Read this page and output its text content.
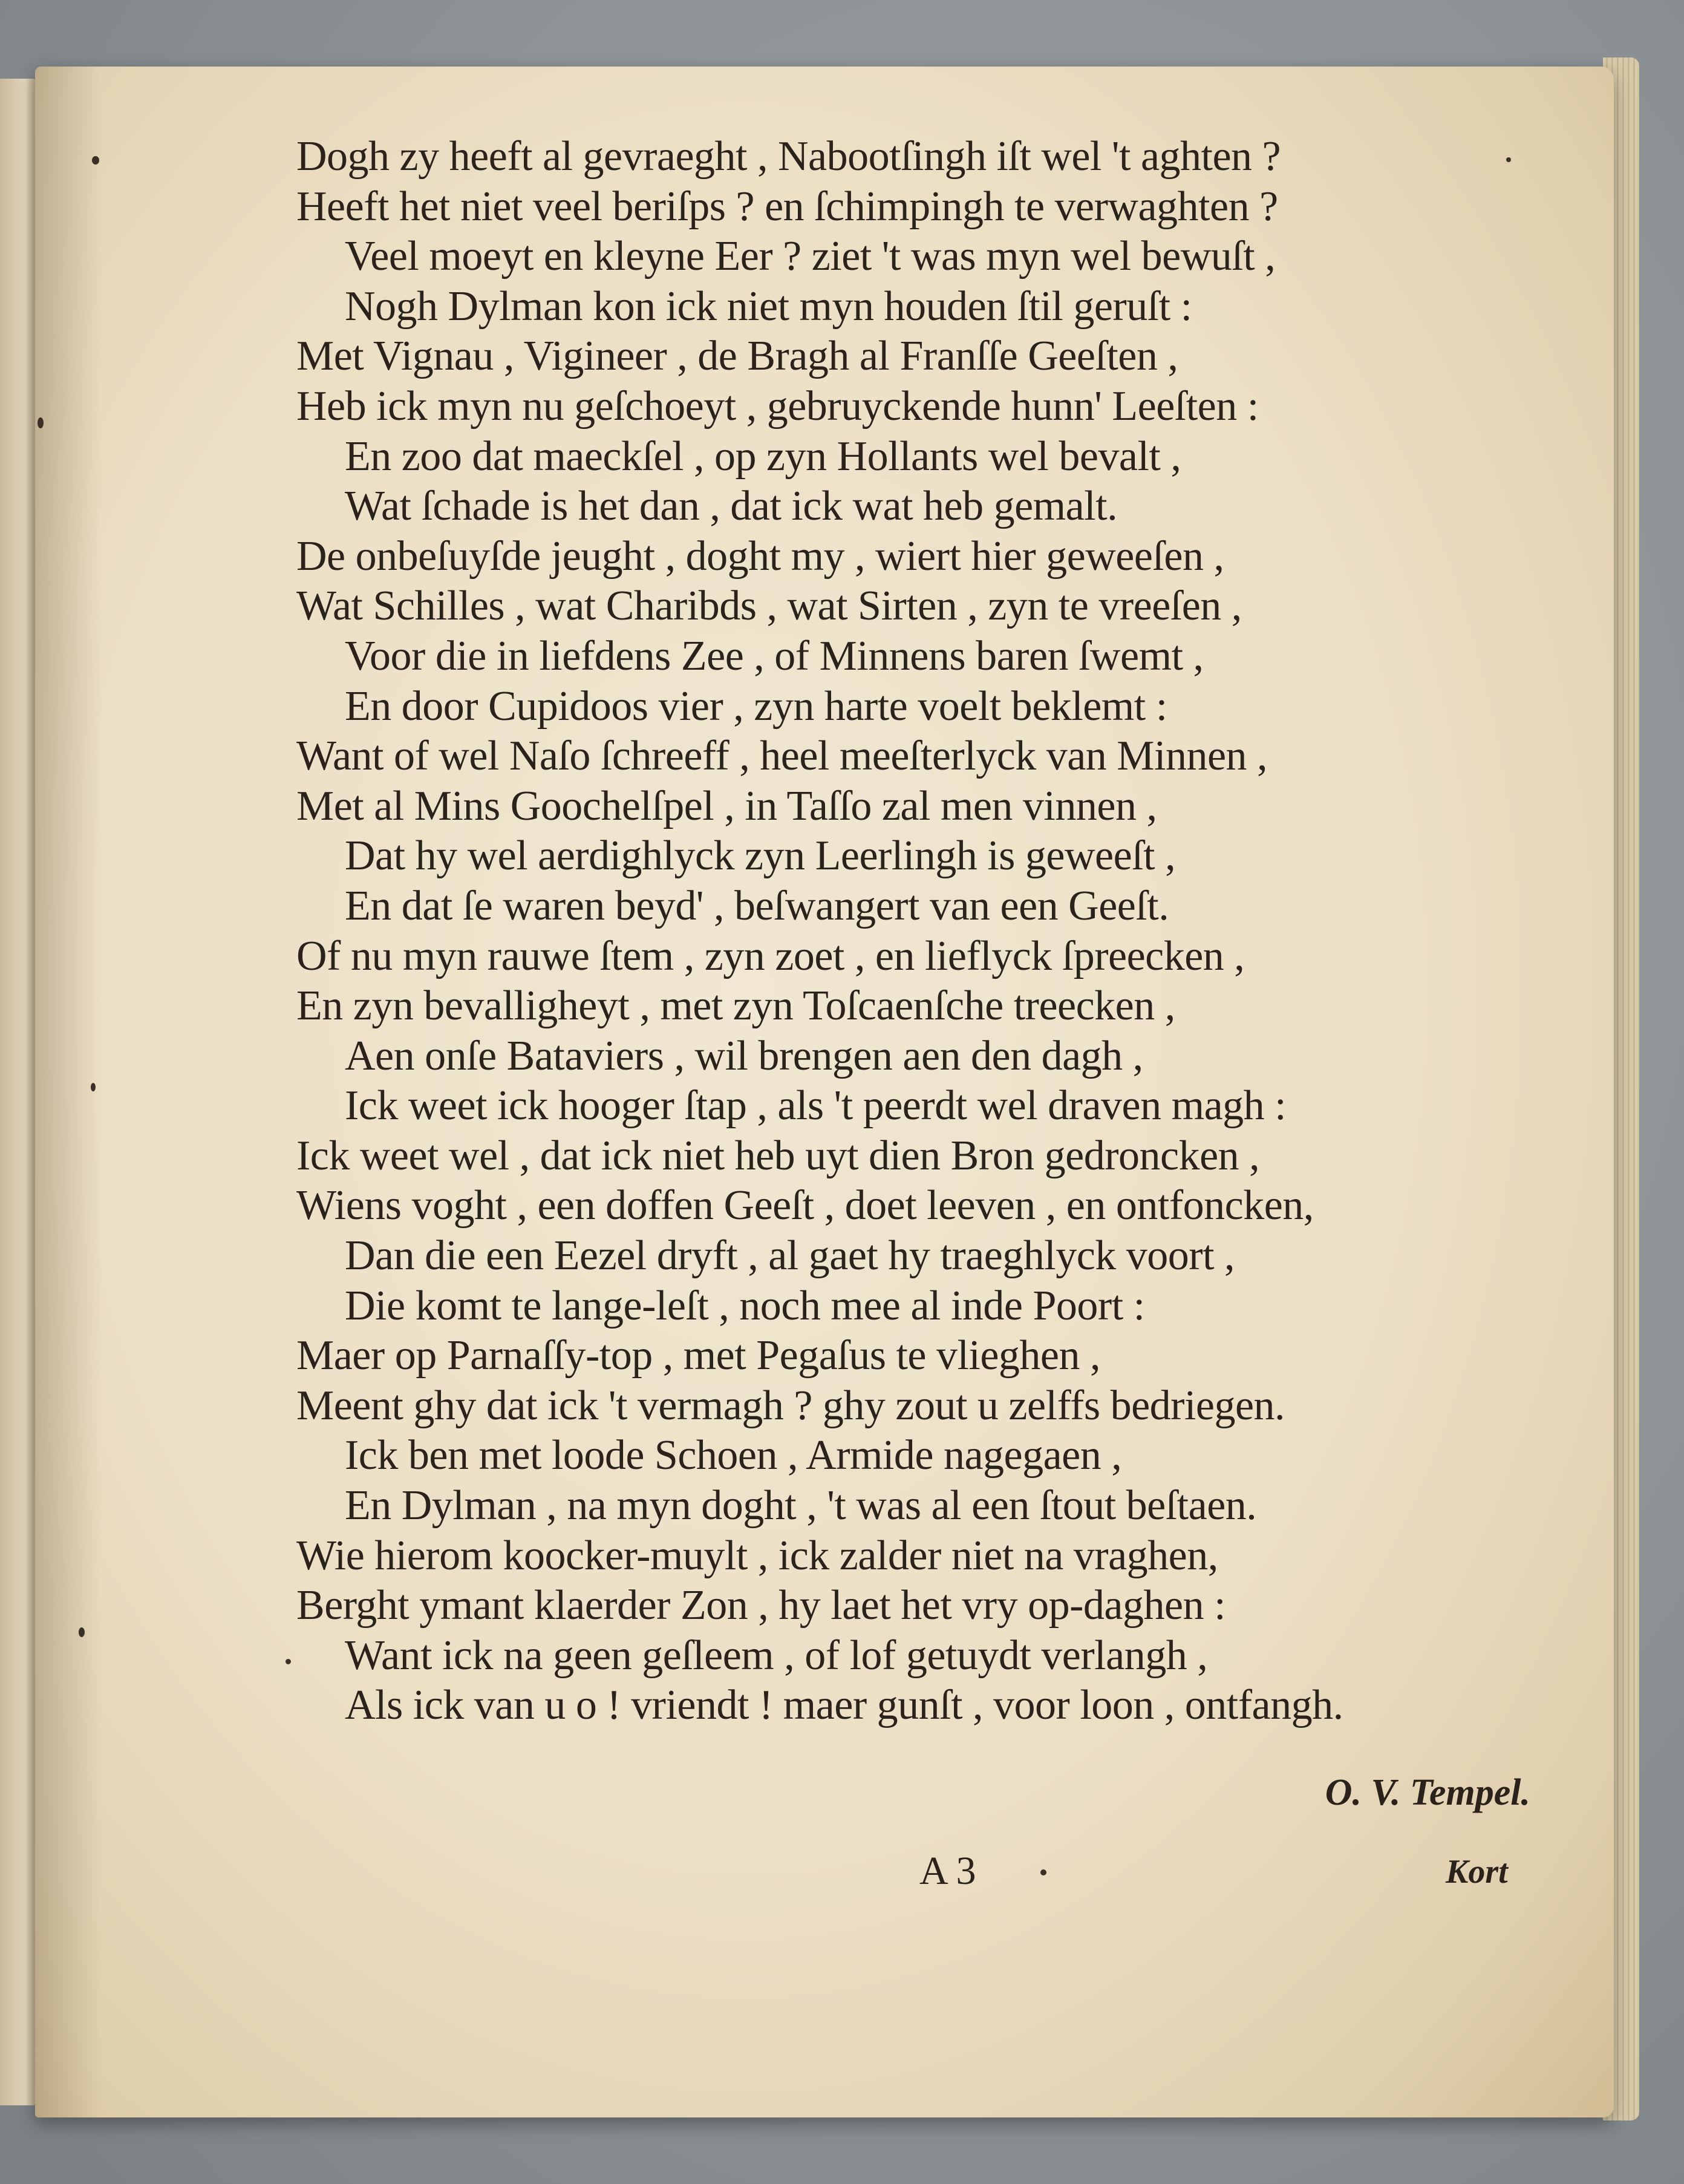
Dogh zy heeft al gevraeght , Nabootſingh iſt wel 't aghten ?
Heeft het niet veel beriſps ? en ſchimpingh te verwaghten ?
Veel moeyt en kleyne Eer ? ziet 't was myn wel bewuſt ,
Nogh Dylman kon ick niet myn houden ſtil geruſt :
Met Vignau , Vigineer , de Bragh al Franſſe Geeſten ,
Heb ick myn nu geſchoeyt , gebruyckende hunn' Leeſten :
En zoo dat maeckſel , op zyn Hollants wel bevalt ,
Wat ſchade is het dan , dat ick wat heb gemalt.
De onbeſuyſde jeught , doght my , wiert hier geweeſen ,
Wat Schilles , wat Charibds , wat Sirten , zyn te vreeſen ,
Voor die in liefdens Zee , of Minnens baren ſwemt ,
En door Cupidoos vier , zyn harte voelt beklemt :
Want of wel Naſo ſchreeff , heel meeſterlyck van Minnen ,
Met al Mins Goochelſpel , in Taſſo zal men vinnen ,
Dat hy wel aerdighlyck zyn Leerlingh is geweeſt ,
En dat ſe waren beyd' , beſwangert van een Geeſt.
Of nu myn rauwe ſtem , zyn zoet , en lieflyck ſpreecken ,
En zyn bevalligheyt , met zyn Toſcaenſche treecken ,
Aen onſe Bataviers , wil brengen aen den dagh ,
Ick weet ick hooger ſtap , als 't peerdt wel draven magh :
Ick weet wel , dat ick niet heb uyt dien Bron gedroncken ,
Wiens voght , een doffen Geeſt , doet leeven , en ontfoncken,
Dan die een Eezel dryft , al gaet hy traeghlyck voort ,
Die komt te lange-leſt , noch mee al inde Poort :
Maer op Parnaſſy-top , met Pegaſus te vlieghen ,
Meent ghy dat ick 't vermagh ? ghy zout u zelffs bedriegen.
Ick ben met loode Schoen , Armide nagegaen ,
En Dylman , na myn doght , 't was al een ſtout beſtaen.
Wie hierom koocker-muylt , ick zalder niet na vraghen,
Berght ymant klaerder Zon , hy laet het vry op-daghen :
Want ick na geen geſleem , of lof getuydt verlangh ,
Als ick van u o ! vriendt ! maer gunſt , voor loon , ontfangh.
O. V. Tempel.
A 3	Kort
